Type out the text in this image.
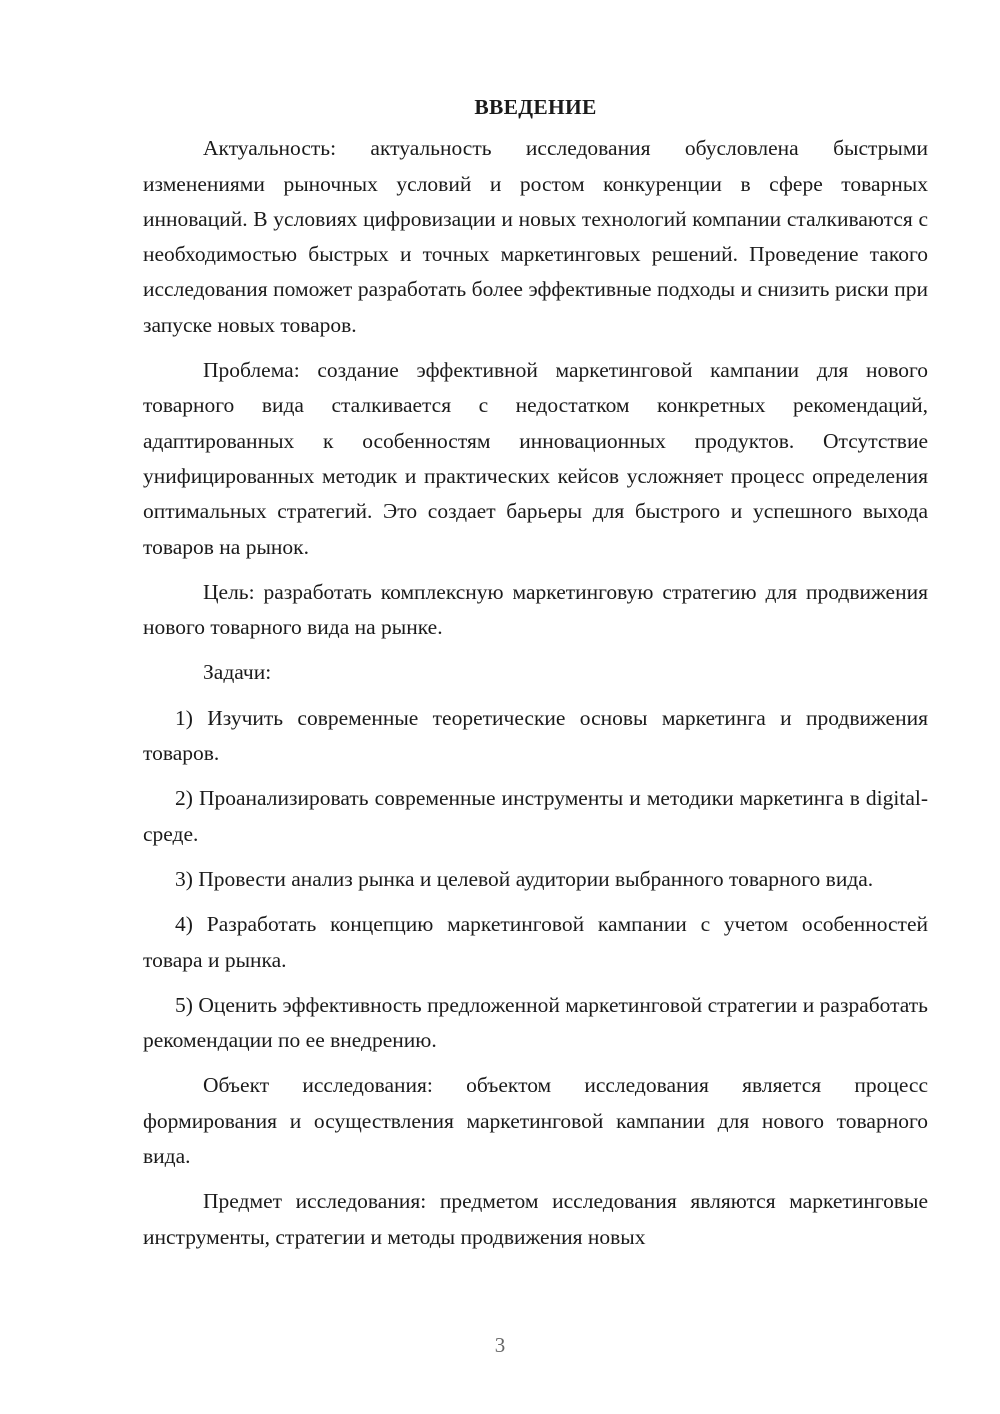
ВВЕДЕНИЕ

Актуальность: актуальность исследования обусловлена быстрыми изменениями рыночных условий и ростом конкуренции в сфере товарных инноваций. В условиях цифровизации и новых технологий компании сталкиваются с необходимостью быстрых и точных маркетинговых решений. Проведение такого исследования поможет разработать более эффективные подходы и снизить риски при запуске новых товаров.

Проблема: создание эффективной маркетинговой кампании для нового товарного вида сталкивается с недостатком конкретных рекомендаций, адаптированных к особенностям инновационных продуктов. Отсутствие унифицированных методик и практических кейсов усложняет процесс определения оптимальных стратегий. Это создает барьеры для быстрого и успешного выхода товаров на рынок.

Цель: разработать комплексную маркетинговую стратегию для продвижения нового товарного вида на рынке.

Задачи:

1) Изучить современные теоретические основы маркетинга и продвижения товаров.

2) Проанализировать современные инструменты и методики маркетинга в digital-среде.

3) Провести анализ рынка и целевой аудитории выбранного товарного вида.

4) Разработать концепцию маркетинговой кампании с учетом особенностей товара и рынка.

5) Оценить эффективность предложенной маркетинговой стратегии и разработать рекомендации по ее внедрению.

Объект исследования: объектом исследования является процесс формирования и осуществления маркетинговой кампании для нового товарного вида.

Предмет исследования: предметом исследования являются маркетинговые инструменты, стратегии и методы продвижения новых

3
